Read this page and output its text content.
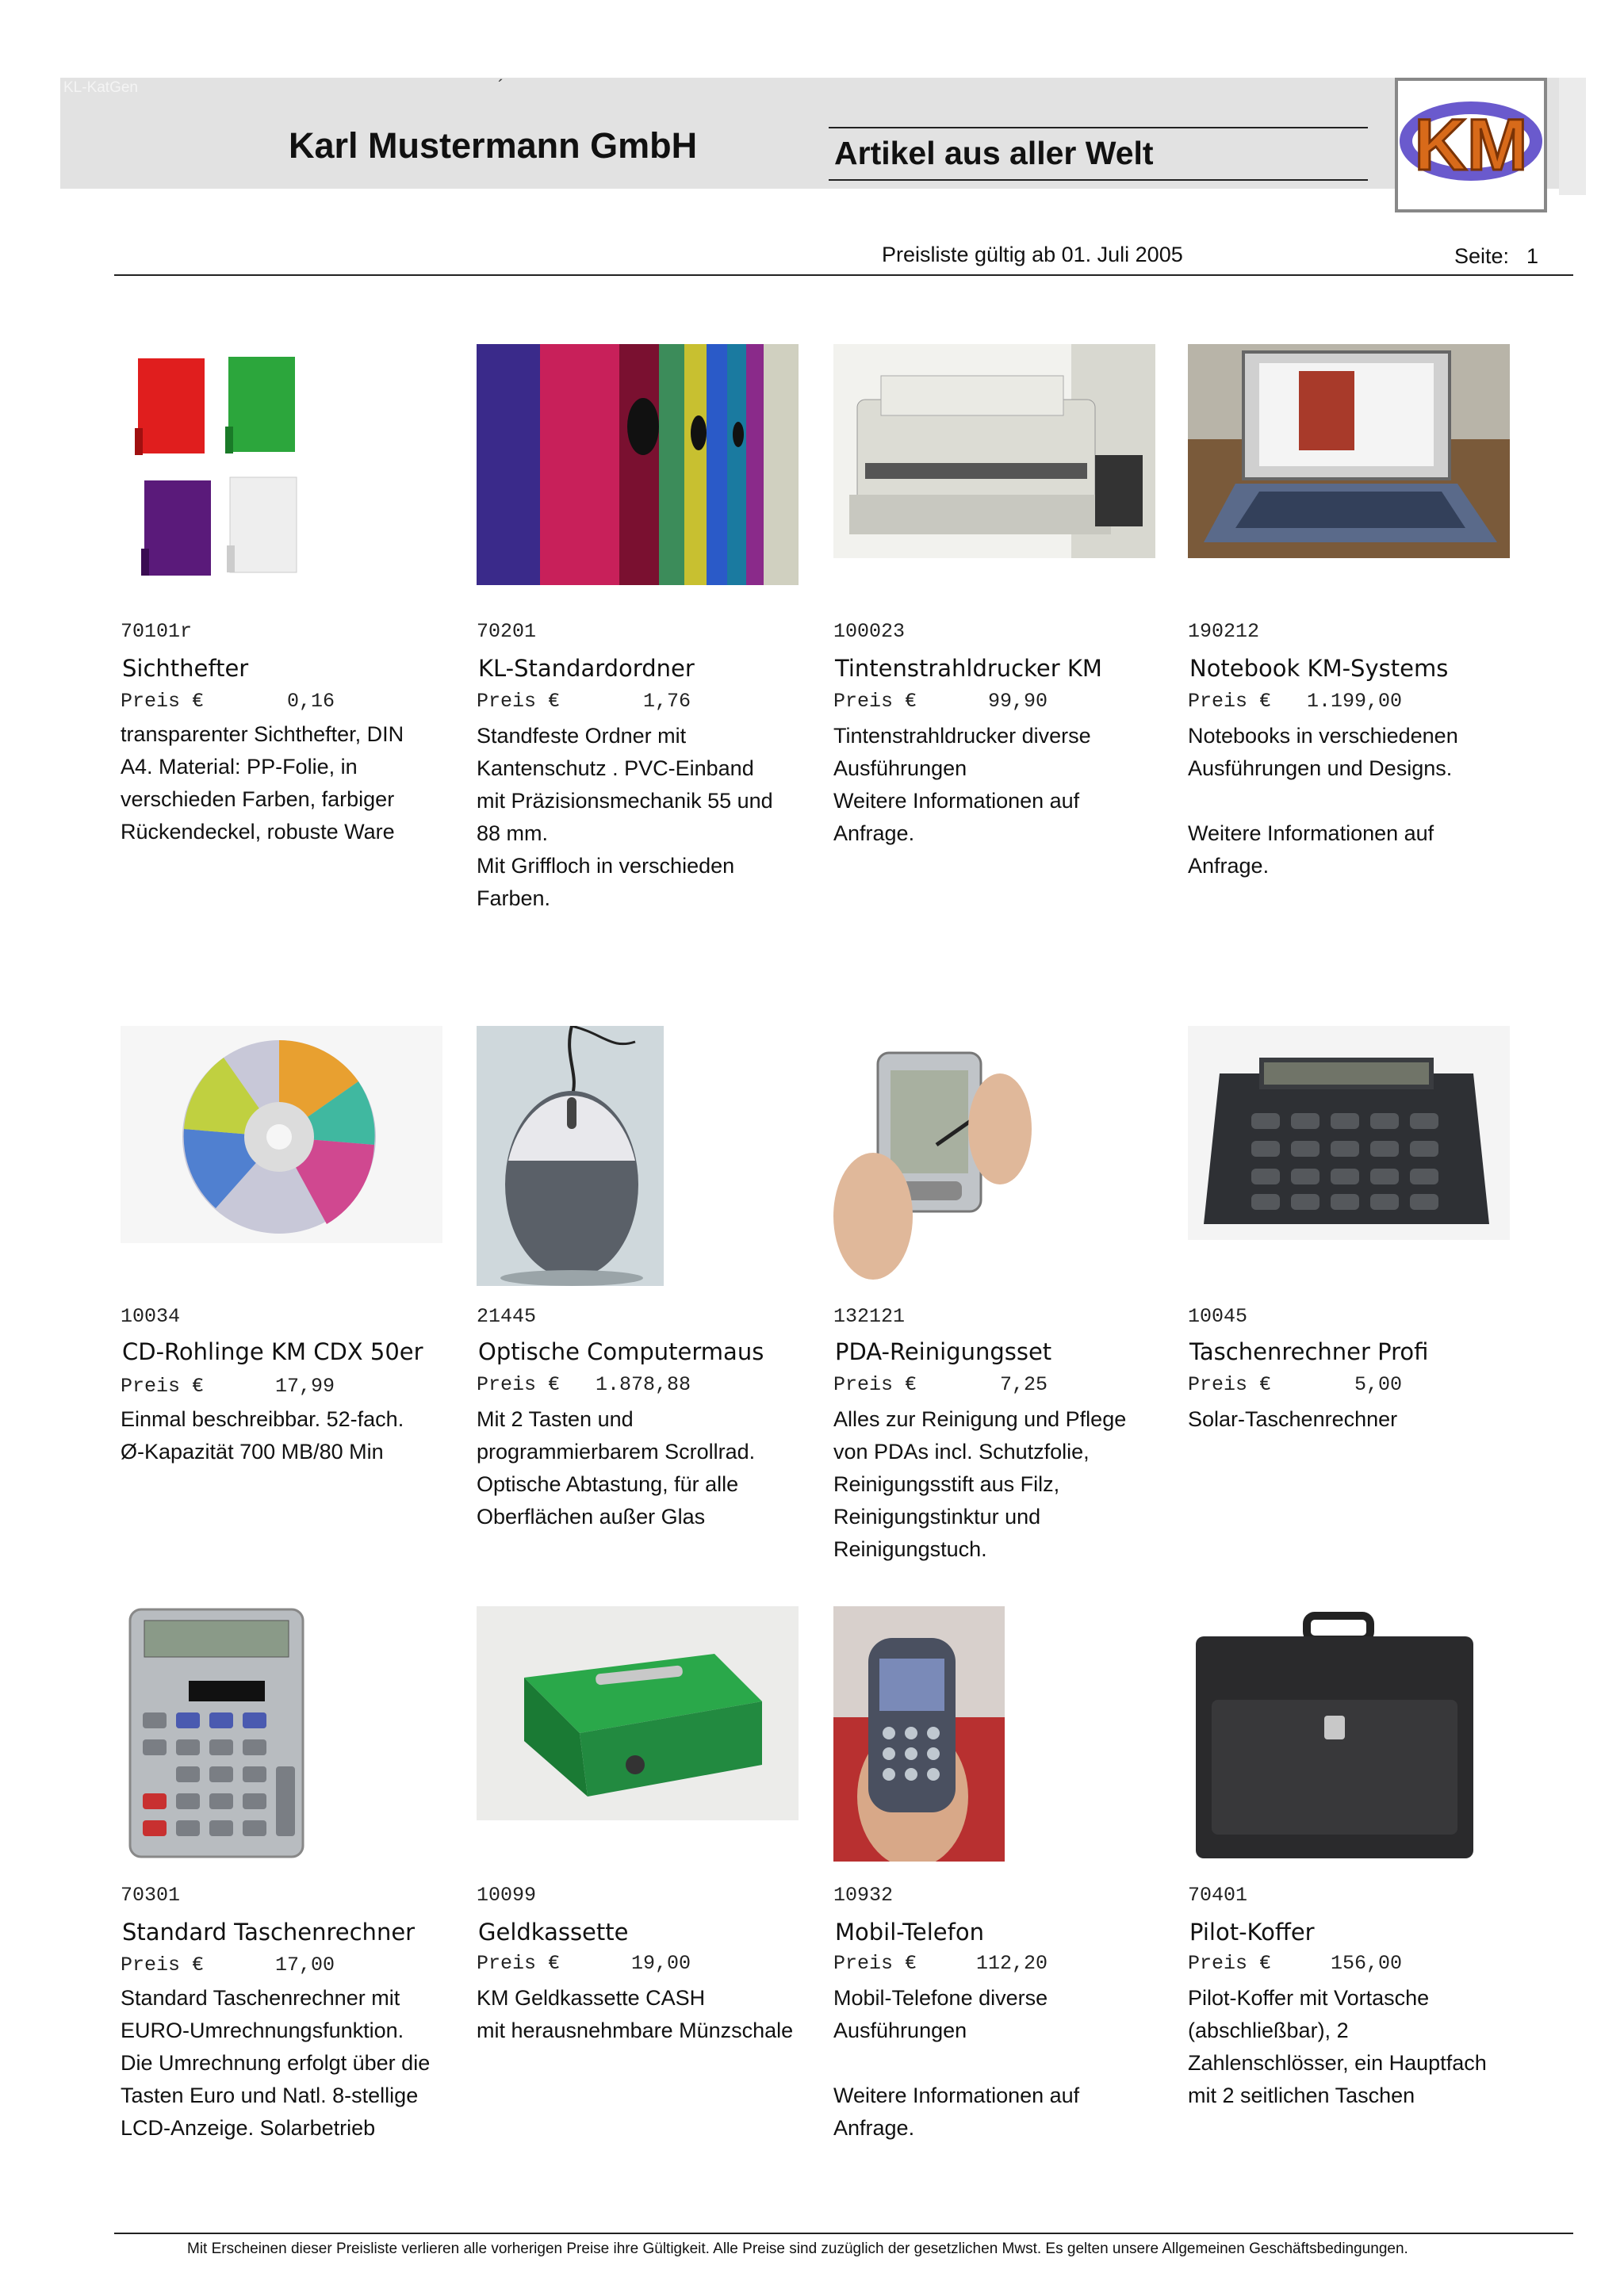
KL-KatGen	´
Karl Mustermann GmbH	Artikel aus aller Welt	KM
Preisliste gültig ab 01. Juli 2005	Seite: 1
70101r
Sichthefter
Preis €	0,16
transparenter Sichthefter, DIN
A4. Material: PP-Folie, in
verschieden Farben, farbiger
Rückendeckel, robuste Ware
70201
KL-Standardordner
Preis €	1,76
Standfeste Ordner mit
Kantenschutz . PVC-Einband
mit Präzisionsmechanik 55 und
88 mm.
Mit Griffloch in verschieden
Farben.
100023
Tintenstrahldrucker KM
Preis €	99,90
Tintenstrahldrucker diverse
Ausführungen
Weitere Informationen auf
Anfrage.
190212
Notebook KM-Systems
Preis € 1.199,00
Notebooks in verschiedenen
Ausführungen und Designs.
Weitere Informationen auf
Anfrage.
10034
CD-Rohlinge KM CDX 50er
Preis €	17,99
Einmal beschreibbar. 52-fach.
Ø-Kapazität 700 MB/80 Min
21445
Optische Computermaus
Preis € 1.878,88
Mit 2 Tasten und
programmierbarem Scrollrad.
Optische Abtastung, für alle
Oberflächen außer Glas
132121
PDA-Reinigungsset
Preis €	7,25
Alles zur Reinigung und Pflege
von PDAs incl. Schutzfolie,
Reinigungsstift aus Filz,
Reinigungstinktur und
Reinigungstuch.
10045
Taschenrechner Profi
Preis €	5,00
Solar-Taschenrechner
70301
Standard Taschenrechner
Preis €	17,00
Standard Taschenrechner mit
EURO-Umrechnungsfunktion.
Die Umrechnung erfolgt über die
Tasten Euro und Natl. 8-stellige
LCD-Anzeige. Solarbetrieb
10099
Geldkassette
Preis €	19,00
KM Geldkassette CASH
mit herausnehmbare Münzschale
10932
Mobil-Telefon
Preis €	112,20
Mobil-Telefone diverse
Ausführungen
Weitere Informationen auf
Anfrage.
70401
Pilot-Koffer
Preis €	156,00
Pilot-Koffer mit Vortasche
(abschließbar), 2
Zahlenschlösser, ein Hauptfach
mit 2 seitlichen Taschen
Mit Erscheinen dieser Preisliste verlieren alle vorherigen Preise ihre Gültigkeit. Alle Preise sind zuzüglich der gesetzlichen Mwst. Es gelten unsere Allgemeinen Geschäftsbedingungen.
